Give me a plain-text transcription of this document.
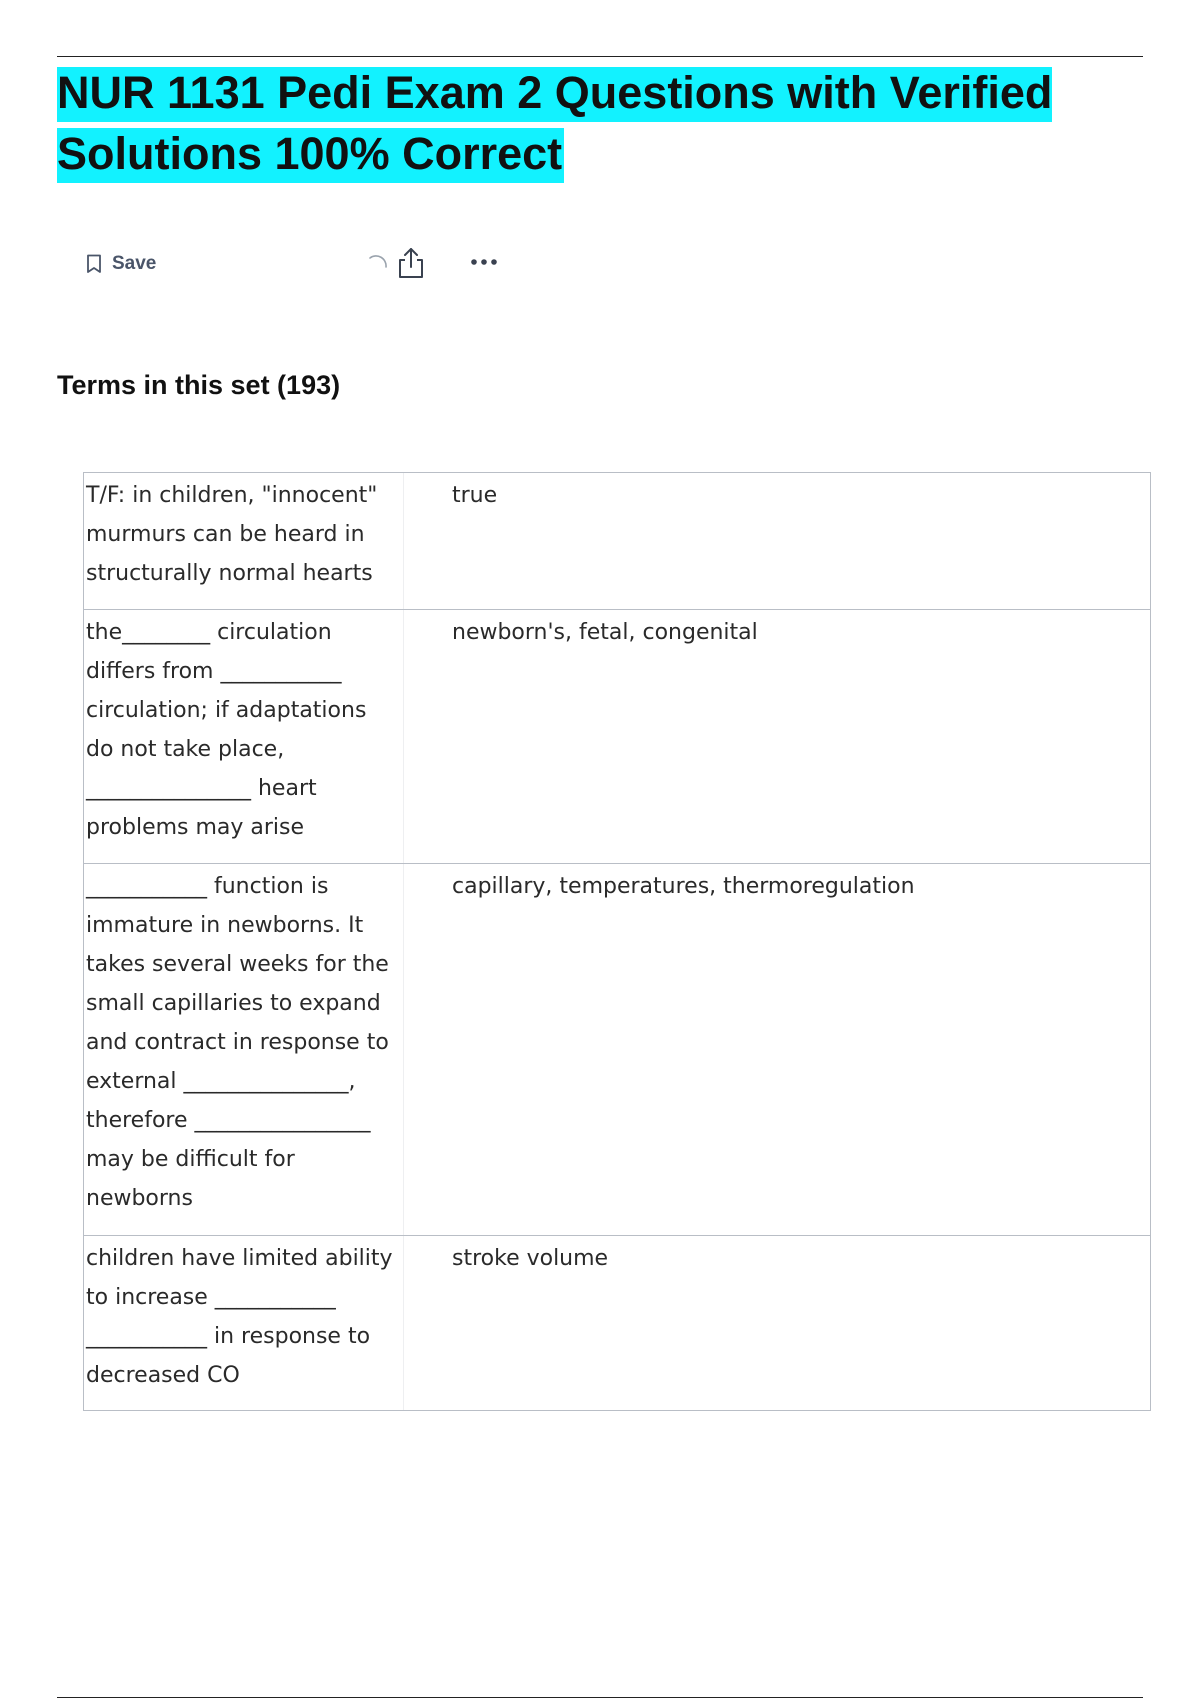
NUR 1131 Pedi Exam 2 Questions with Verified Solutions 100% Correct
Save
Terms in this set (193)
T/F: in children, "innocent" murmurs can be heard in structurally normal hearts
true
the________ circulation differs from ___________ circulation; if adaptations do not take place, _______________ heart problems may arise
newborn's, fetal, congenital
___________ function is immature in newborns. It takes several weeks for the small capillaries to expand and contract in response to external _______________, therefore ________________ may be difficult for newborns
capillary, temperatures, thermoregulation
children have limited ability to increase ___________ ___________ in response to decreased CO
stroke volume
